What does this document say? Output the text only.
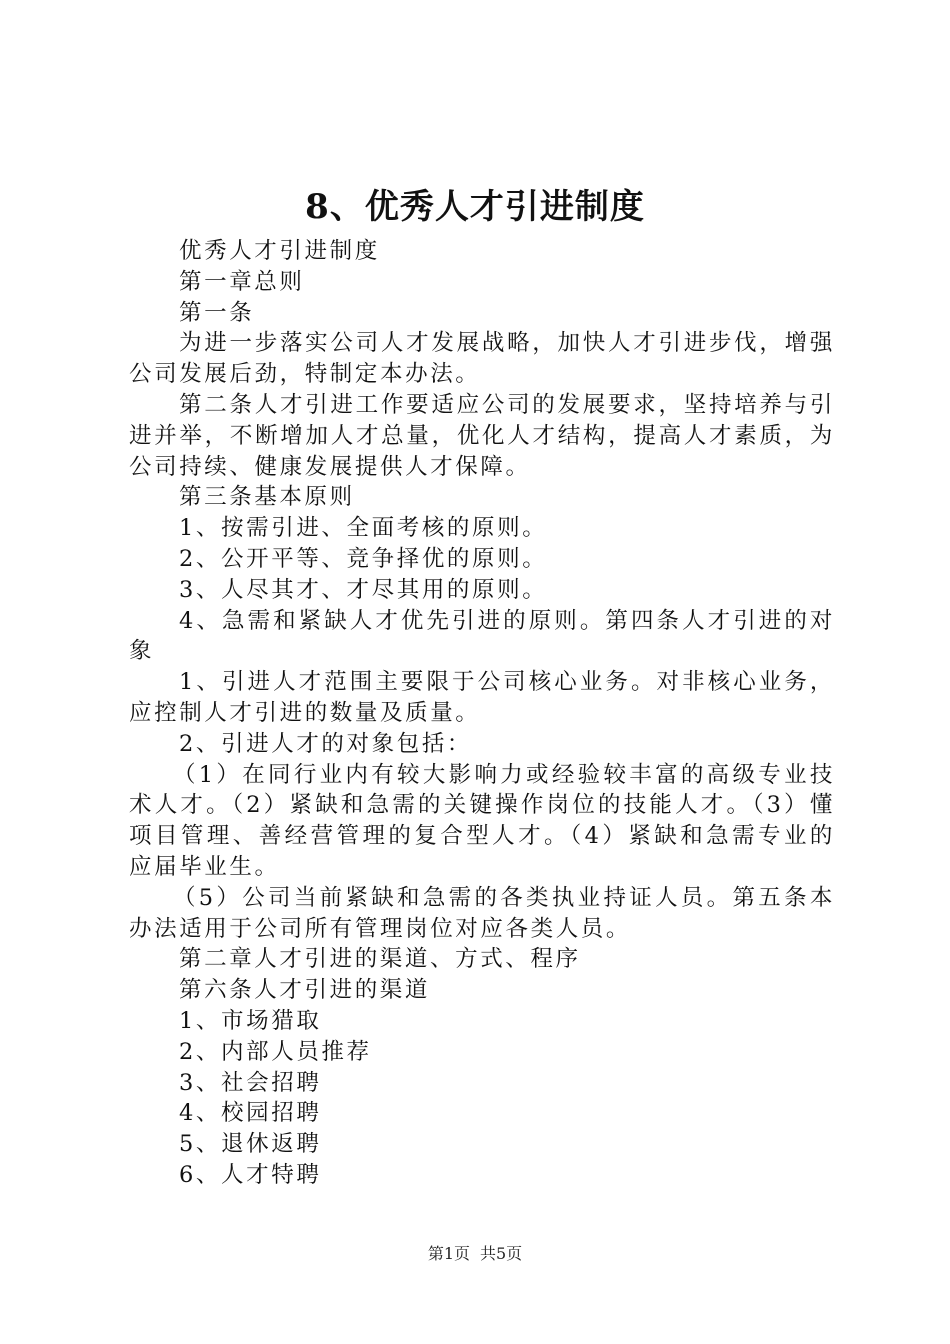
8、优秀人才引进制度

优秀人才引进制度

第一章总则

第一条

为进一步落实公司人才发展战略，加快人才引进步伐，增强公司发展后劲，特制定本办法。

第二条人才引进工作要适应公司的发展要求，坚持培养与引进并举，不断增加人才总量，优化人才结构，提高人才素质，为公司持续、健康发展提供人才保障。

第三条基本原则

1、按需引进、全面考核的原则。

2、公开平等、竞争择优的原则。

3、人尽其才、才尽其用的原则。

4、急需和紧缺人才优先引进的原则。第四条人才引进的对象

1、引进人才范围主要限于公司核心业务。对非核心业务，应控制人才引进的数量及质量。

2、引进人才的对象包括：

（1）在同行业内有较大影响力或经验较丰富的高级专业技术人才。（2）紧缺和急需的关键操作岗位的技能人才。（3）懂项目管理、善经营管理的复合型人才。（4）紧缺和急需专业的应届毕业生。

（5）公司当前紧缺和急需的各类执业持证人员。第五条本办法适用于公司所有管理岗位对应各类人员。

第二章人才引进的渠道、方式、程序

第六条人才引进的渠道

1、市场猎取

2、内部人员推荐

3、社会招聘

4、校园招聘

5、退休返聘

6、人才特聘

第1页 共5页
